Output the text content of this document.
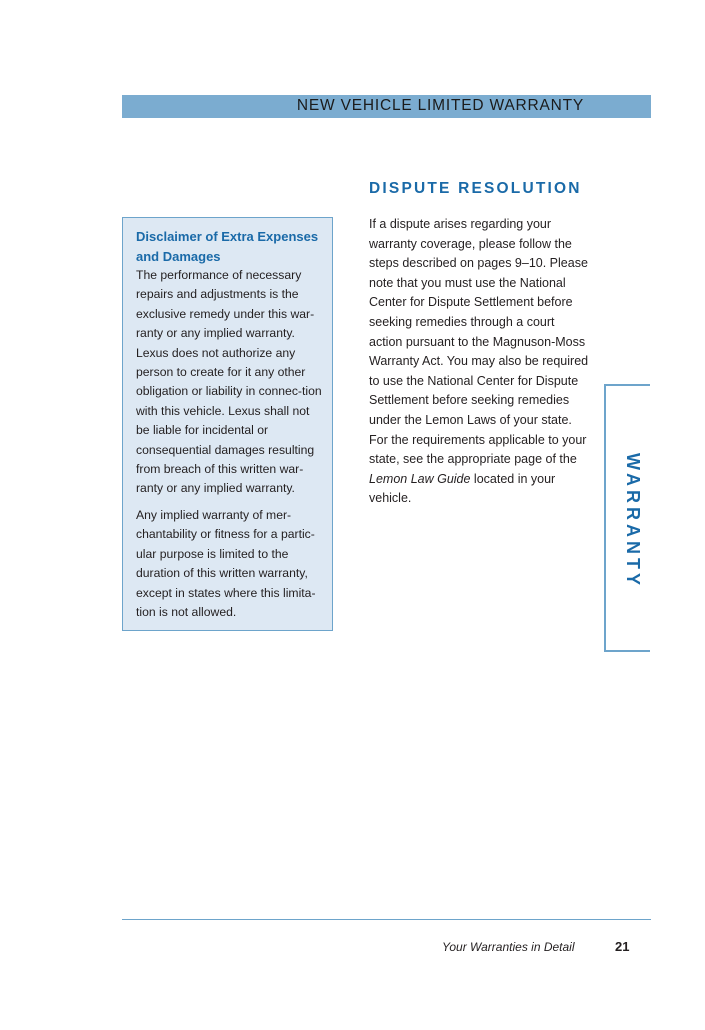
NEW VEHICLE LIMITED WARRANTY
DISPUTE RESOLUTION

If a dispute arises regarding your warranty coverage, please follow the steps described on pages 9–10. Please note that you must use the National Center for Dispute Settlement before seeking remedies through a court action pursuant to the Magnuson-Moss Warranty Act. You may also be required to use the National Center for Dispute Settlement before seeking remedies under the Lemon Laws of your state. For the requirements applicable to your state, see the appropriate page of the Lemon Law Guide located in your vehicle.

Disclaimer of Extra Expenses and Damages

The performance of necessary repairs and adjustments is the exclusive remedy under this war-ranty or any implied warranty. Lexus does not authorize any person to create for it any other obligation or liability in connec-tion with this vehicle. Lexus shall not be liable for incidental or consequential damages resulting from breach of this written war-ranty or any implied warranty.

Any implied warranty of mer-chantability or fitness for a partic-ular purpose is limited to the duration of this written warranty, except in states where this limita-tion is not allowed.

WARRANTY
Your Warranties in Detail	21
